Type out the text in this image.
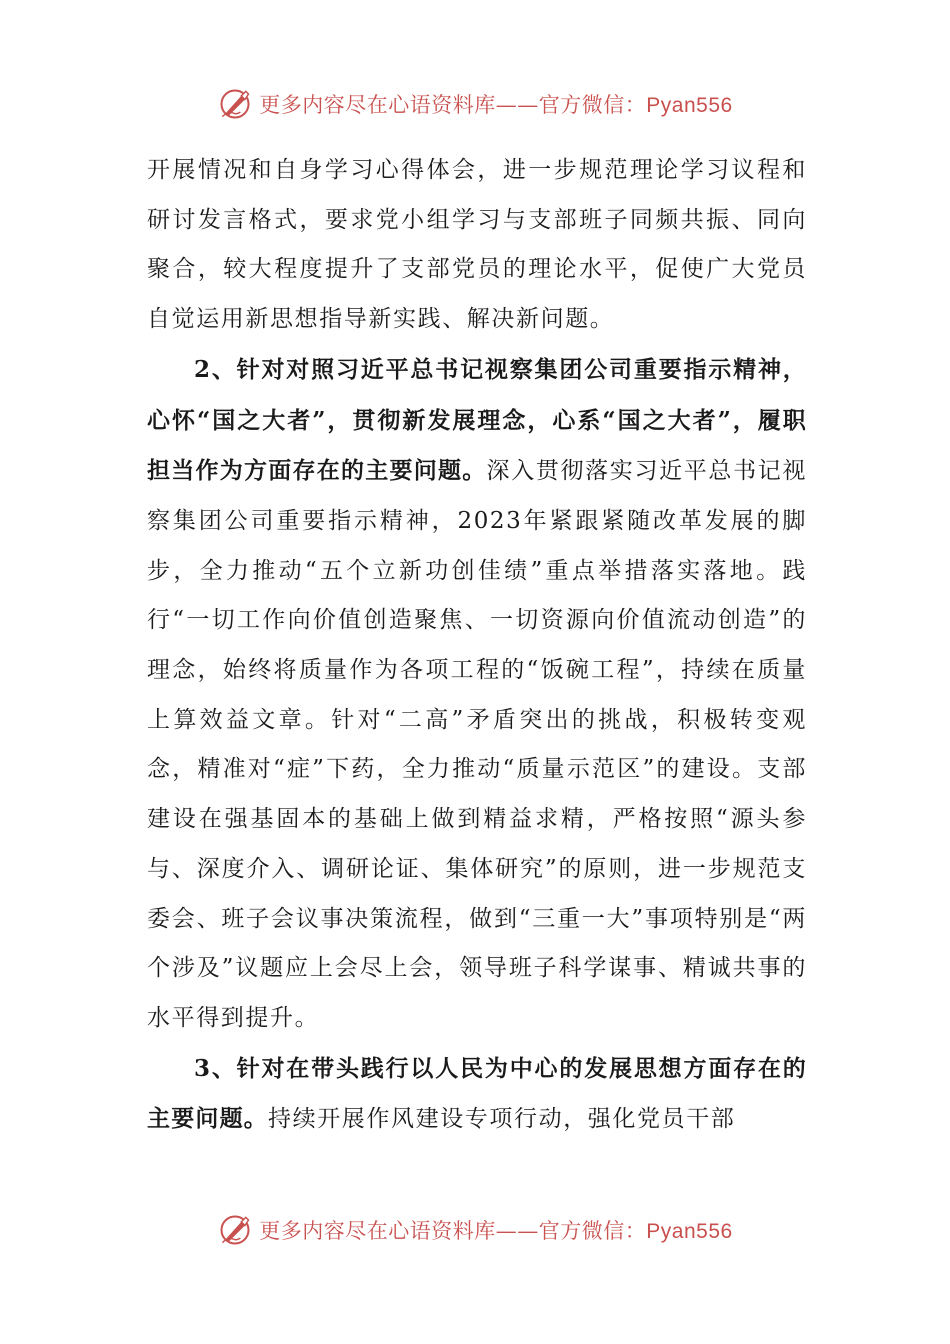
更多内容尽在心语资料库——官方微信：Pyan556

开展情况和自身学习心得体会，进一步规范理论学习议程和研讨发言格式，要求党小组学习与支部班子同频共振、同向聚合，较大程度提升了支部党员的理论水平，促使广大党员自觉运用新思想指导新实践、解决新问题。

2、针对对照习近平总书记视察集团公司重要指示精神，心怀“国之大者”，贯彻新发展理念，心系“国之大者”，履职担当作为方面存在的主要问题。深入贯彻落实习近平总书记视察集团公司重要指示精神，2023年紧跟紧随改革发展的脚步，全力推动“五个立新功创佳绩”重点举措落实落地。践行“一切工作向价值创造聚焦、一切资源向价值流动创造”的理念，始终将质量作为各项工程的“饭碗工程”，持续在质量上算效益文章。针对“二高”矛盾突出的挑战，积极转变观念，精准对“症”下药，全力推动“质量示范区”的建设。支部建设在强基固本的基础上做到精益求精，严格按照“源头参与、深度介入、调研论证、集体研究”的原则，进一步规范支委会、班子会议事决策流程，做到“三重一大”事项特别是“两个涉及”议题应上会尽上会，领导班子科学谋事、精诚共事的水平得到提升。

3、针对在带头践行以人民为中心的发展思想方面存在的主要问题。持续开展作风建设专项行动，强化党员干部

更多内容尽在心语资料库——官方微信：Pyan556
